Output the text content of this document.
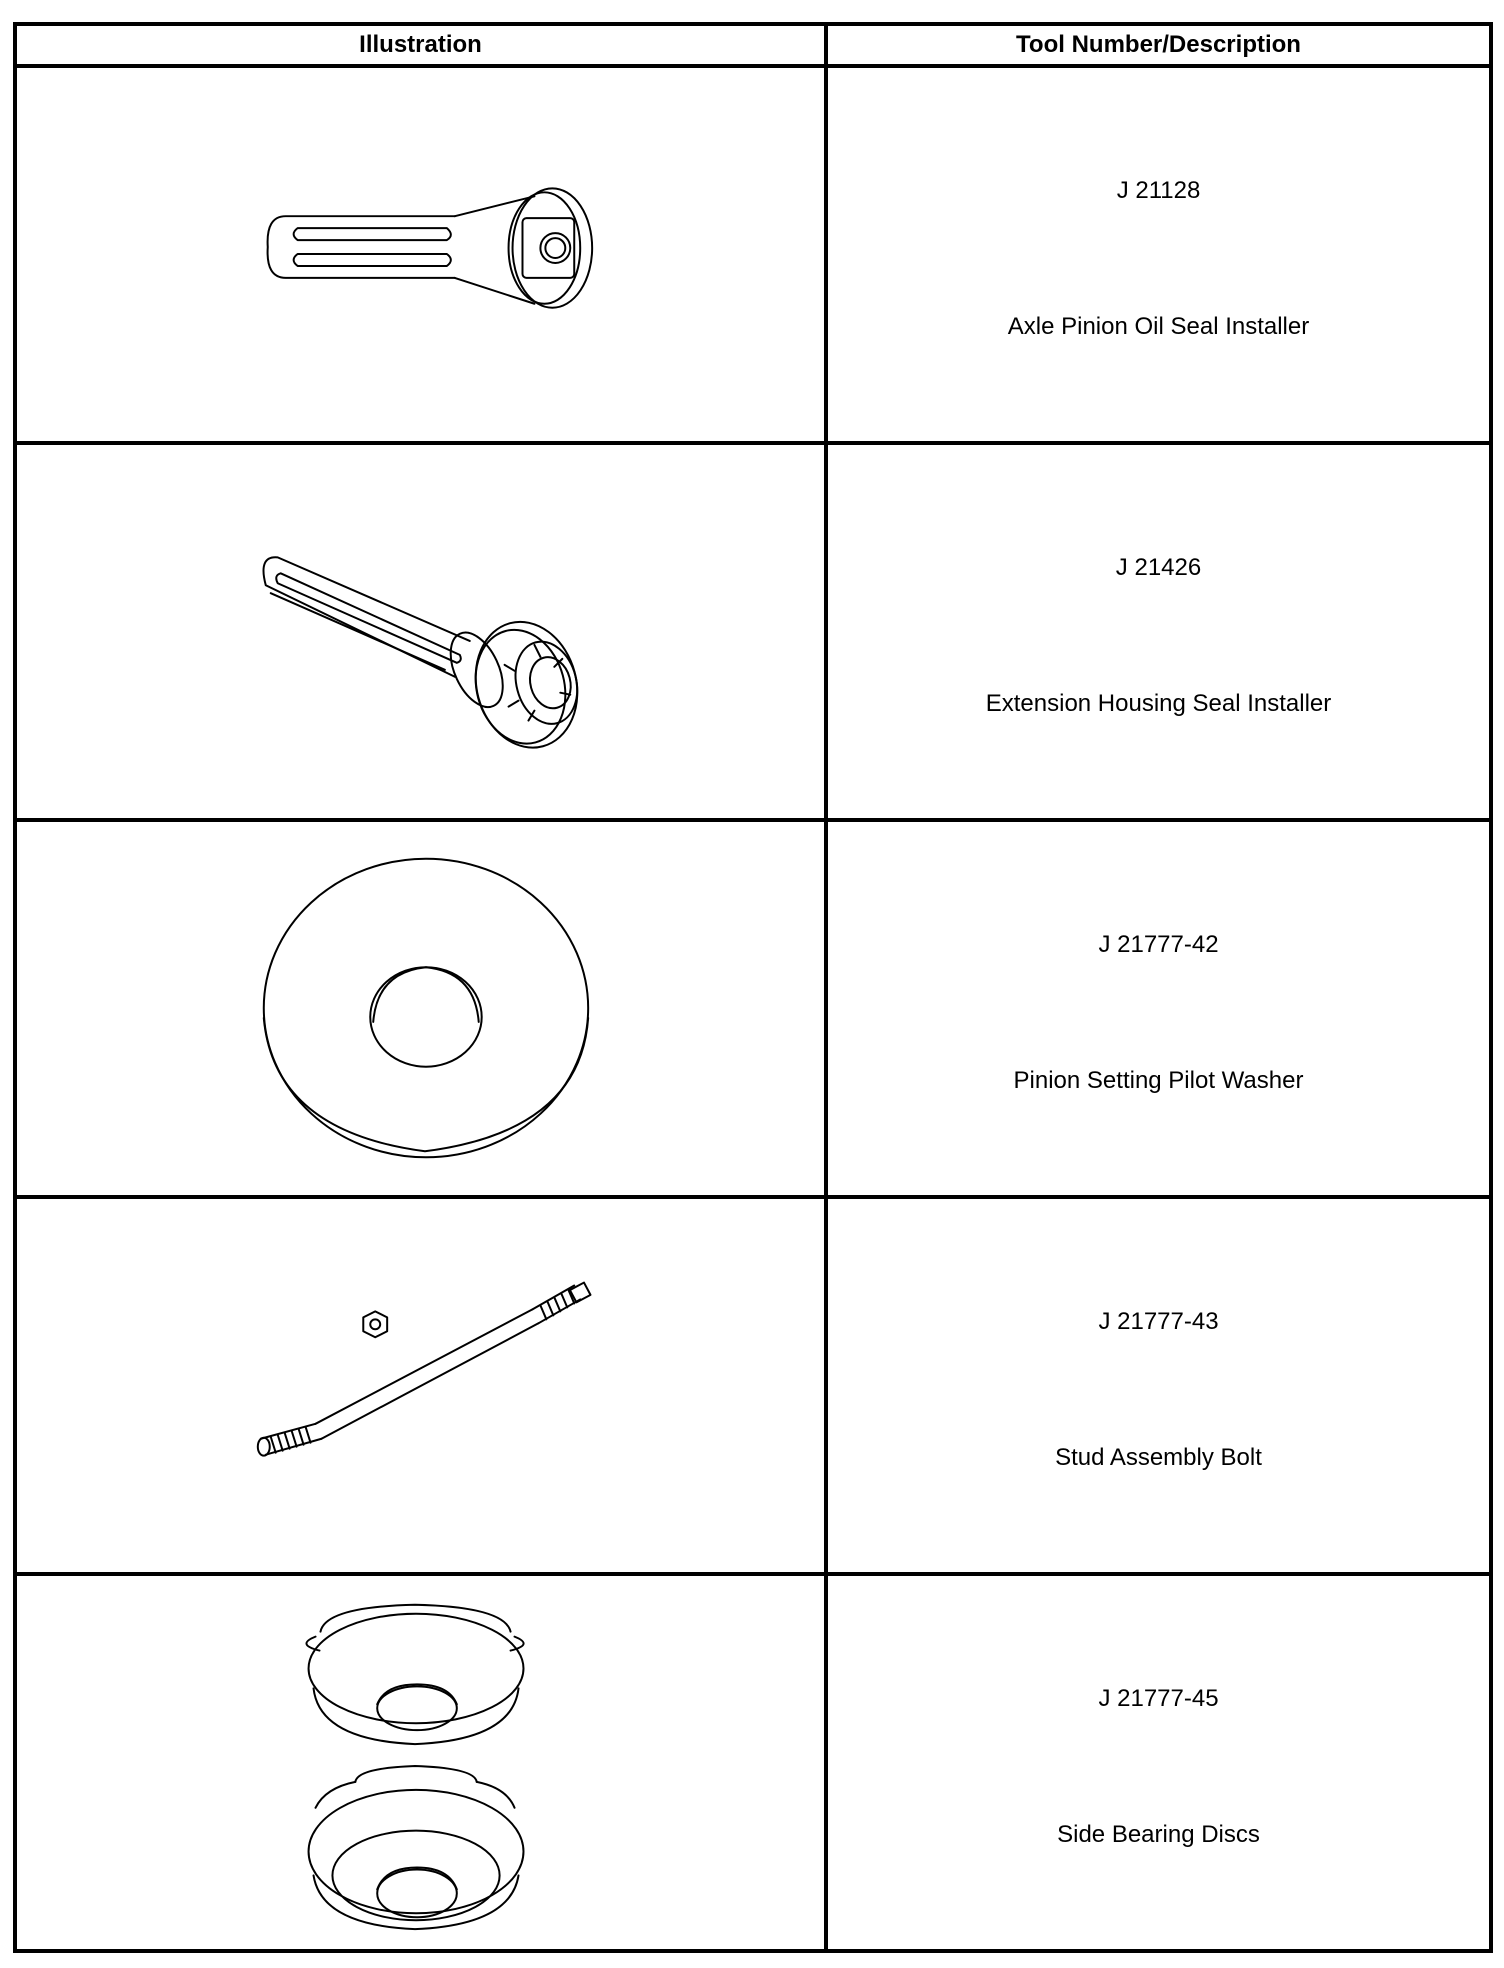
Illustration	Tool Number/Description

J 21128
Axle Pinion Oil Seal Installer

J 21426
Extension Housing Seal Installer

J 21777-42
Pinion Setting Pilot Washer

J 21777-43
Stud Assembly Bolt

J 21777-45
Side Bearing Discs
